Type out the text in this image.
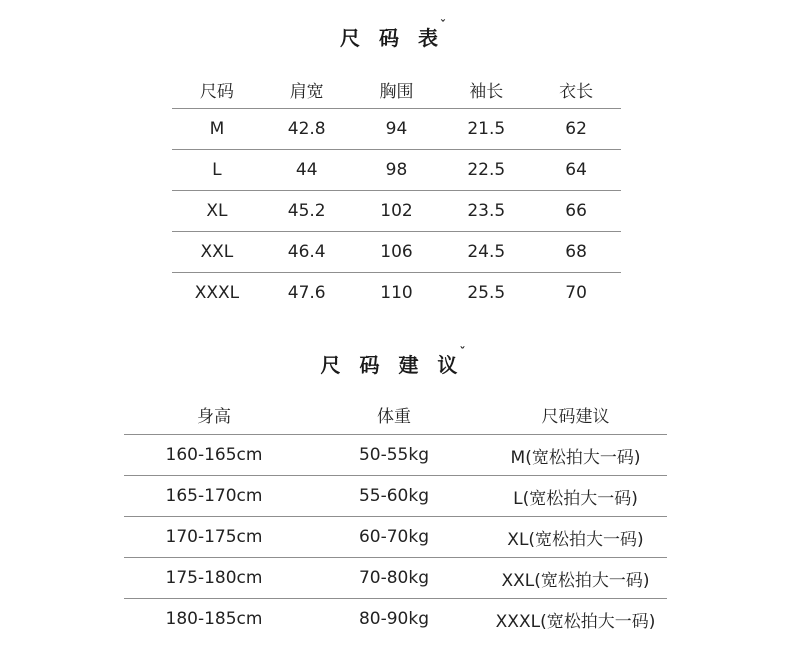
尺 码 表$^ˇ$
尺码	肩宽	胸围	袖长	衣长
M	42.8	94	21.5	62
L	44	98	22.5	64
XL	45.2	102	23.5	66
XXL	46.4	106	24.5	68
XXXL	47.6	110	25.5	70
尺 码 建 议$^ˇ$
身高	体重	尺码建议
160-165cm	50-55kg	M(宽松拍大一码)
165-170cm	55-60kg	L(宽松拍大一码)
170-175cm	60-70kg	XL(宽松拍大一码)
175-180cm	70-80kg	XXL(宽松拍大一码)
180-185cm	80-90kg	XXXL(宽松拍大一码)
